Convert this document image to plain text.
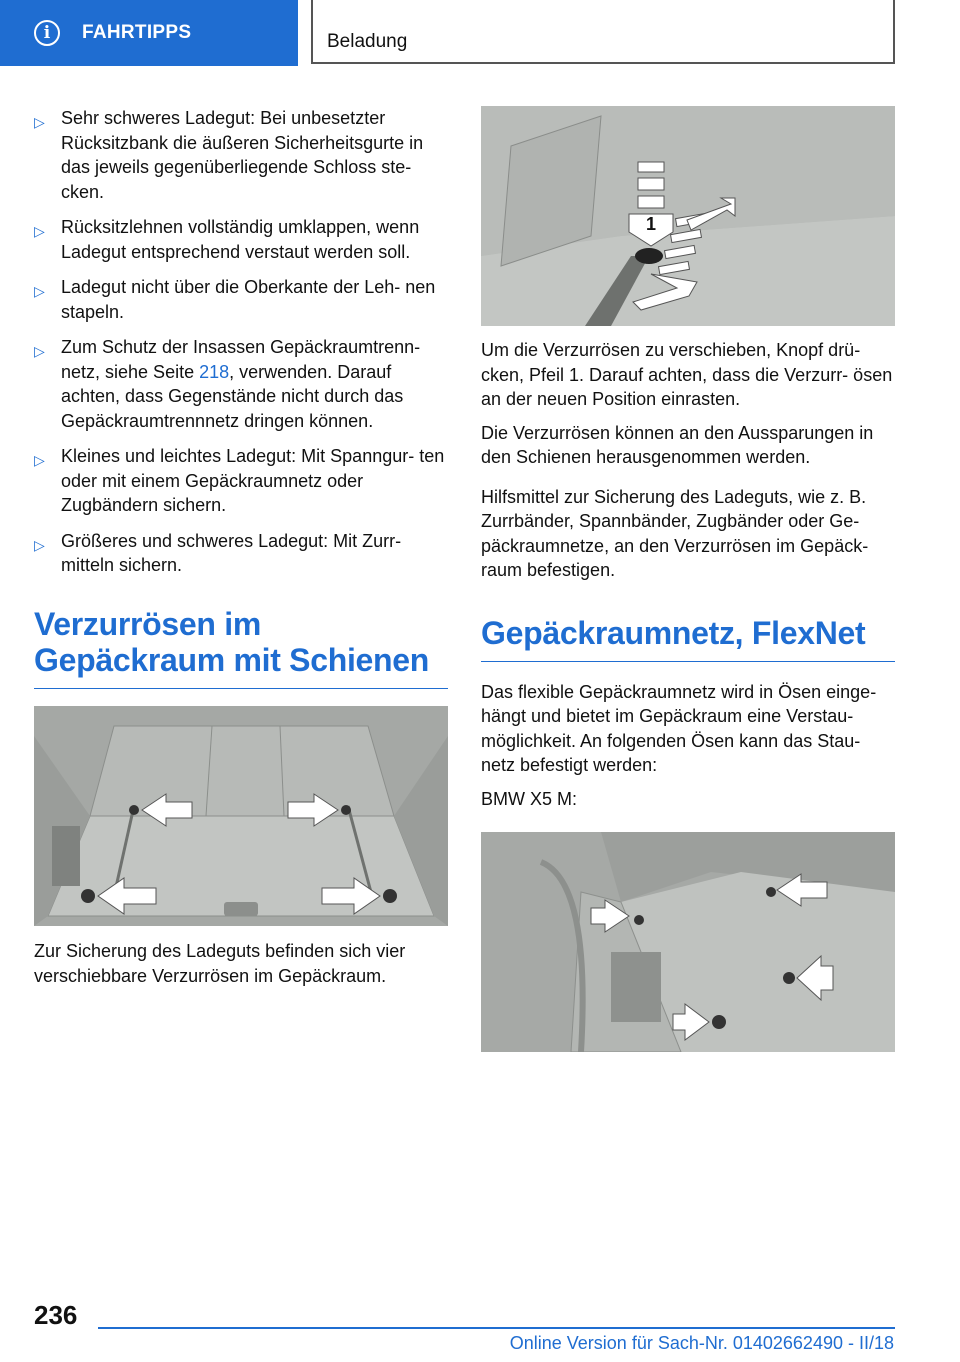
i	FAHRTIPPS	Beladung
▷ Sehr schweres Ladegut: Bei unbesetzter Rücksitzbank die äußeren Sicherheitsgurte in das jeweils gegenüberliegende Schloss ste‐ cken.
▷ Rücksitzlehnen vollständig umklappen, wenn Ladegut entsprechend verstaut werden soll.
▷ Ladegut nicht über die Oberkante der Leh‐ nen stapeln.
▷ Zum Schutz der Insassen Gepäckraumtrenn‐ netz, siehe Seite 218, verwenden. Darauf achten, dass Gegenstände nicht durch das Gepäckraumtrennnetz dringen können.
▷ Kleines und leichtes Ladegut: Mit Spanngur‐ ten oder mit einem Gepäckraumnetz oder Zugbändern sichern.
▷ Größeres und schweres Ladegut: Mit Zurr‐ mitteln sichern.
Verzurrösen im Gepäckraum mit Schienen

Zur Sicherung des Ladeguts befinden sich vier verschiebbare Verzurrösen im Gepäckraum.

1

Um die Verzurrösen zu verschieben, Knopf drü‐ cken, Pfeil 1. Darauf achten, dass die Verzurr‐ ösen an der neuen Position einrasten.

Die Verzurrösen können an den Aussparungen in den Schienen herausgenommen werden.

Hilfsmittel zur Sicherung des Ladeguts, wie z. B. Zurrbänder, Spannbänder, Zugbänder oder Ge‐ päckraumnetze, an den Verzurrösen im Gepäck‐ raum befestigen.

Gepäckraumnetz, FlexNet

Das flexible Gepäckraumnetz wird in Ösen einge‐ hängt und bietet im Gepäckraum eine Verstau‐ möglichkeit. An folgenden Ösen kann das Stau‐ netz befestigt werden:

BMW X5 M:

236
Online Version für Sach-Nr. 01402662490 - II/18
